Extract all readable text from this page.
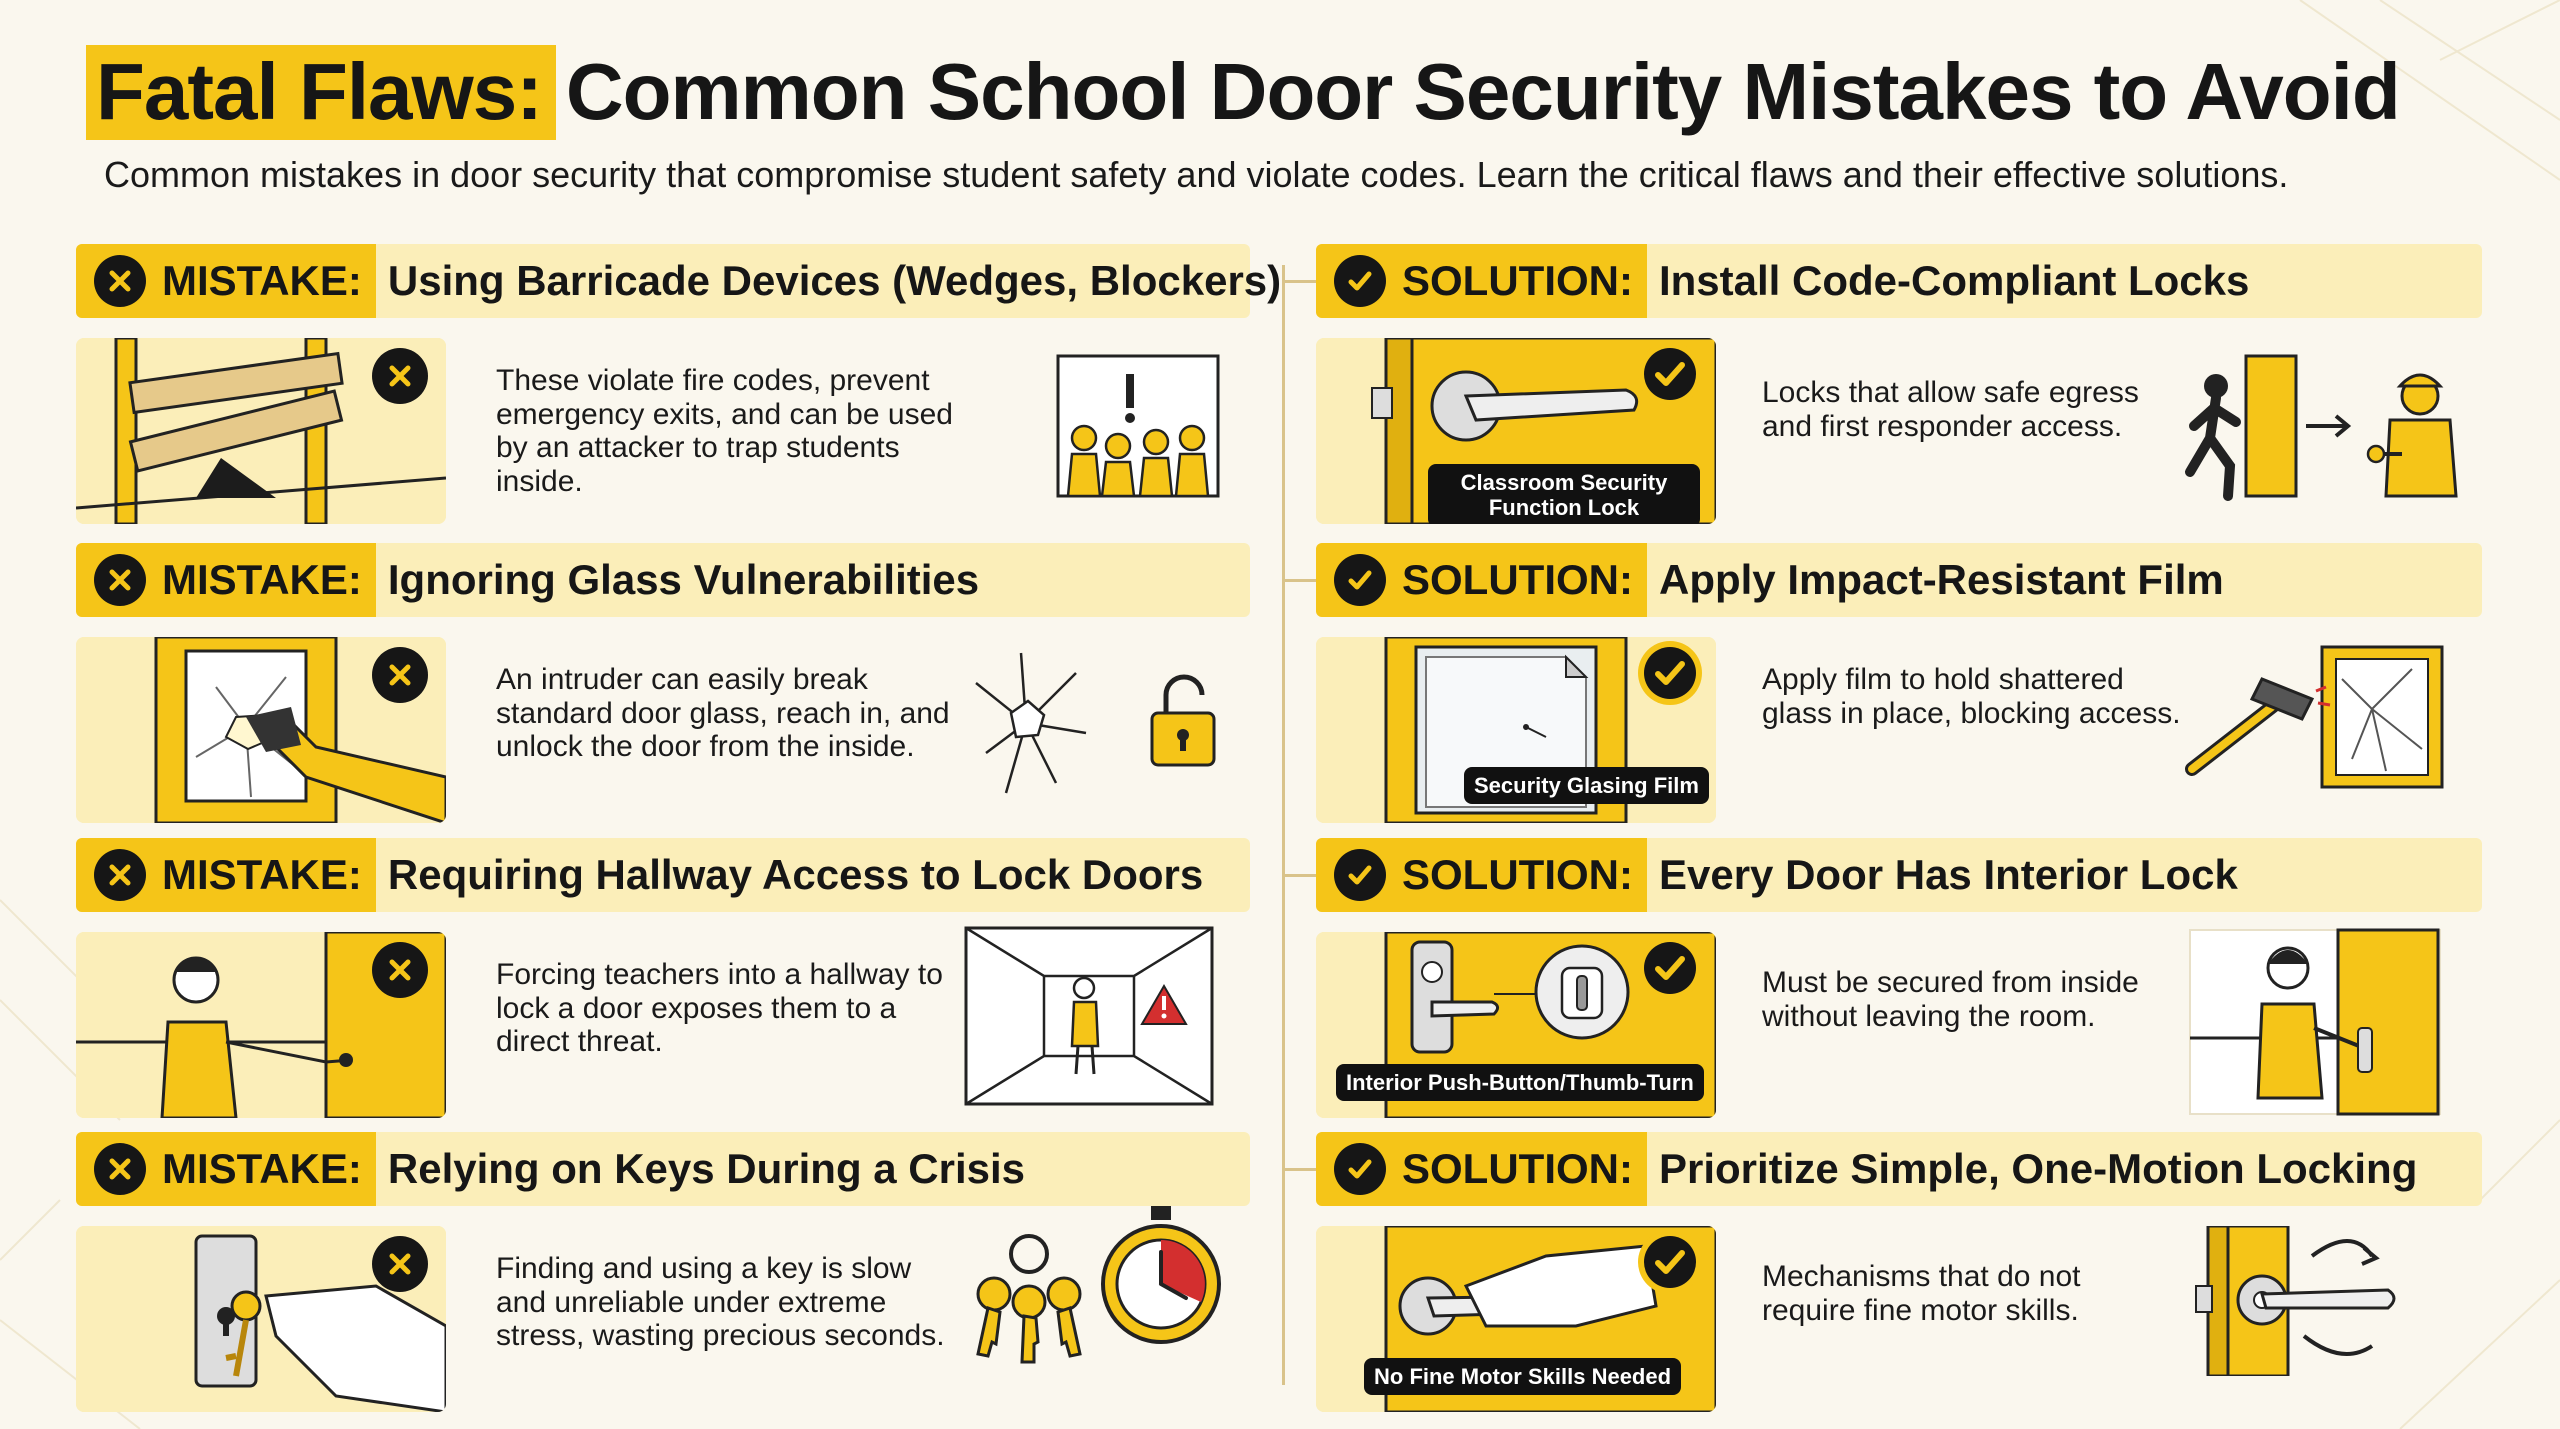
Fatal Flaws: Common School Door Security Mistakes to Avoid

Common mistakes in door security that compromise student safety and violate codes. Learn the critical flaws and their effective solutions.

MISTAKE: Using Barricade Devices (Wedges, Blockers)

These violate fire codes, prevent emergency exits, and can be used by an attacker to trap students inside.

MISTAKE: Ignoring Glass Vulnerabilities

An intruder can easily break standard door glass, reach in, and unlock the door from the inside.

MISTAKE: Requiring Hallway Access to Lock Doors

Forcing teachers into a hallway to lock a door exposes them to a direct threat.

MISTAKE: Relying on Keys During a Crisis

Finding and using a key is slow and unreliable under extreme stress, wasting precious seconds.

SOLUTION: Install Code-Compliant Locks
Classroom Security Function Lock

Locks that allow safe egress and first responder access.

SOLUTION: Apply Impact-Resistant Film
Security Glasing Film

Apply film to hold shattered glass in place, blocking access.

SOLUTION: Every Door Has Interior Lock
Interior Push-Button/Thumb-Turn

Must be secured from inside without leaving the room.

SOLUTION: Prioritize Simple, One-Motion Locking
No Fine Motor Skills Needed

Mechanisms that do not require fine motor skills.
